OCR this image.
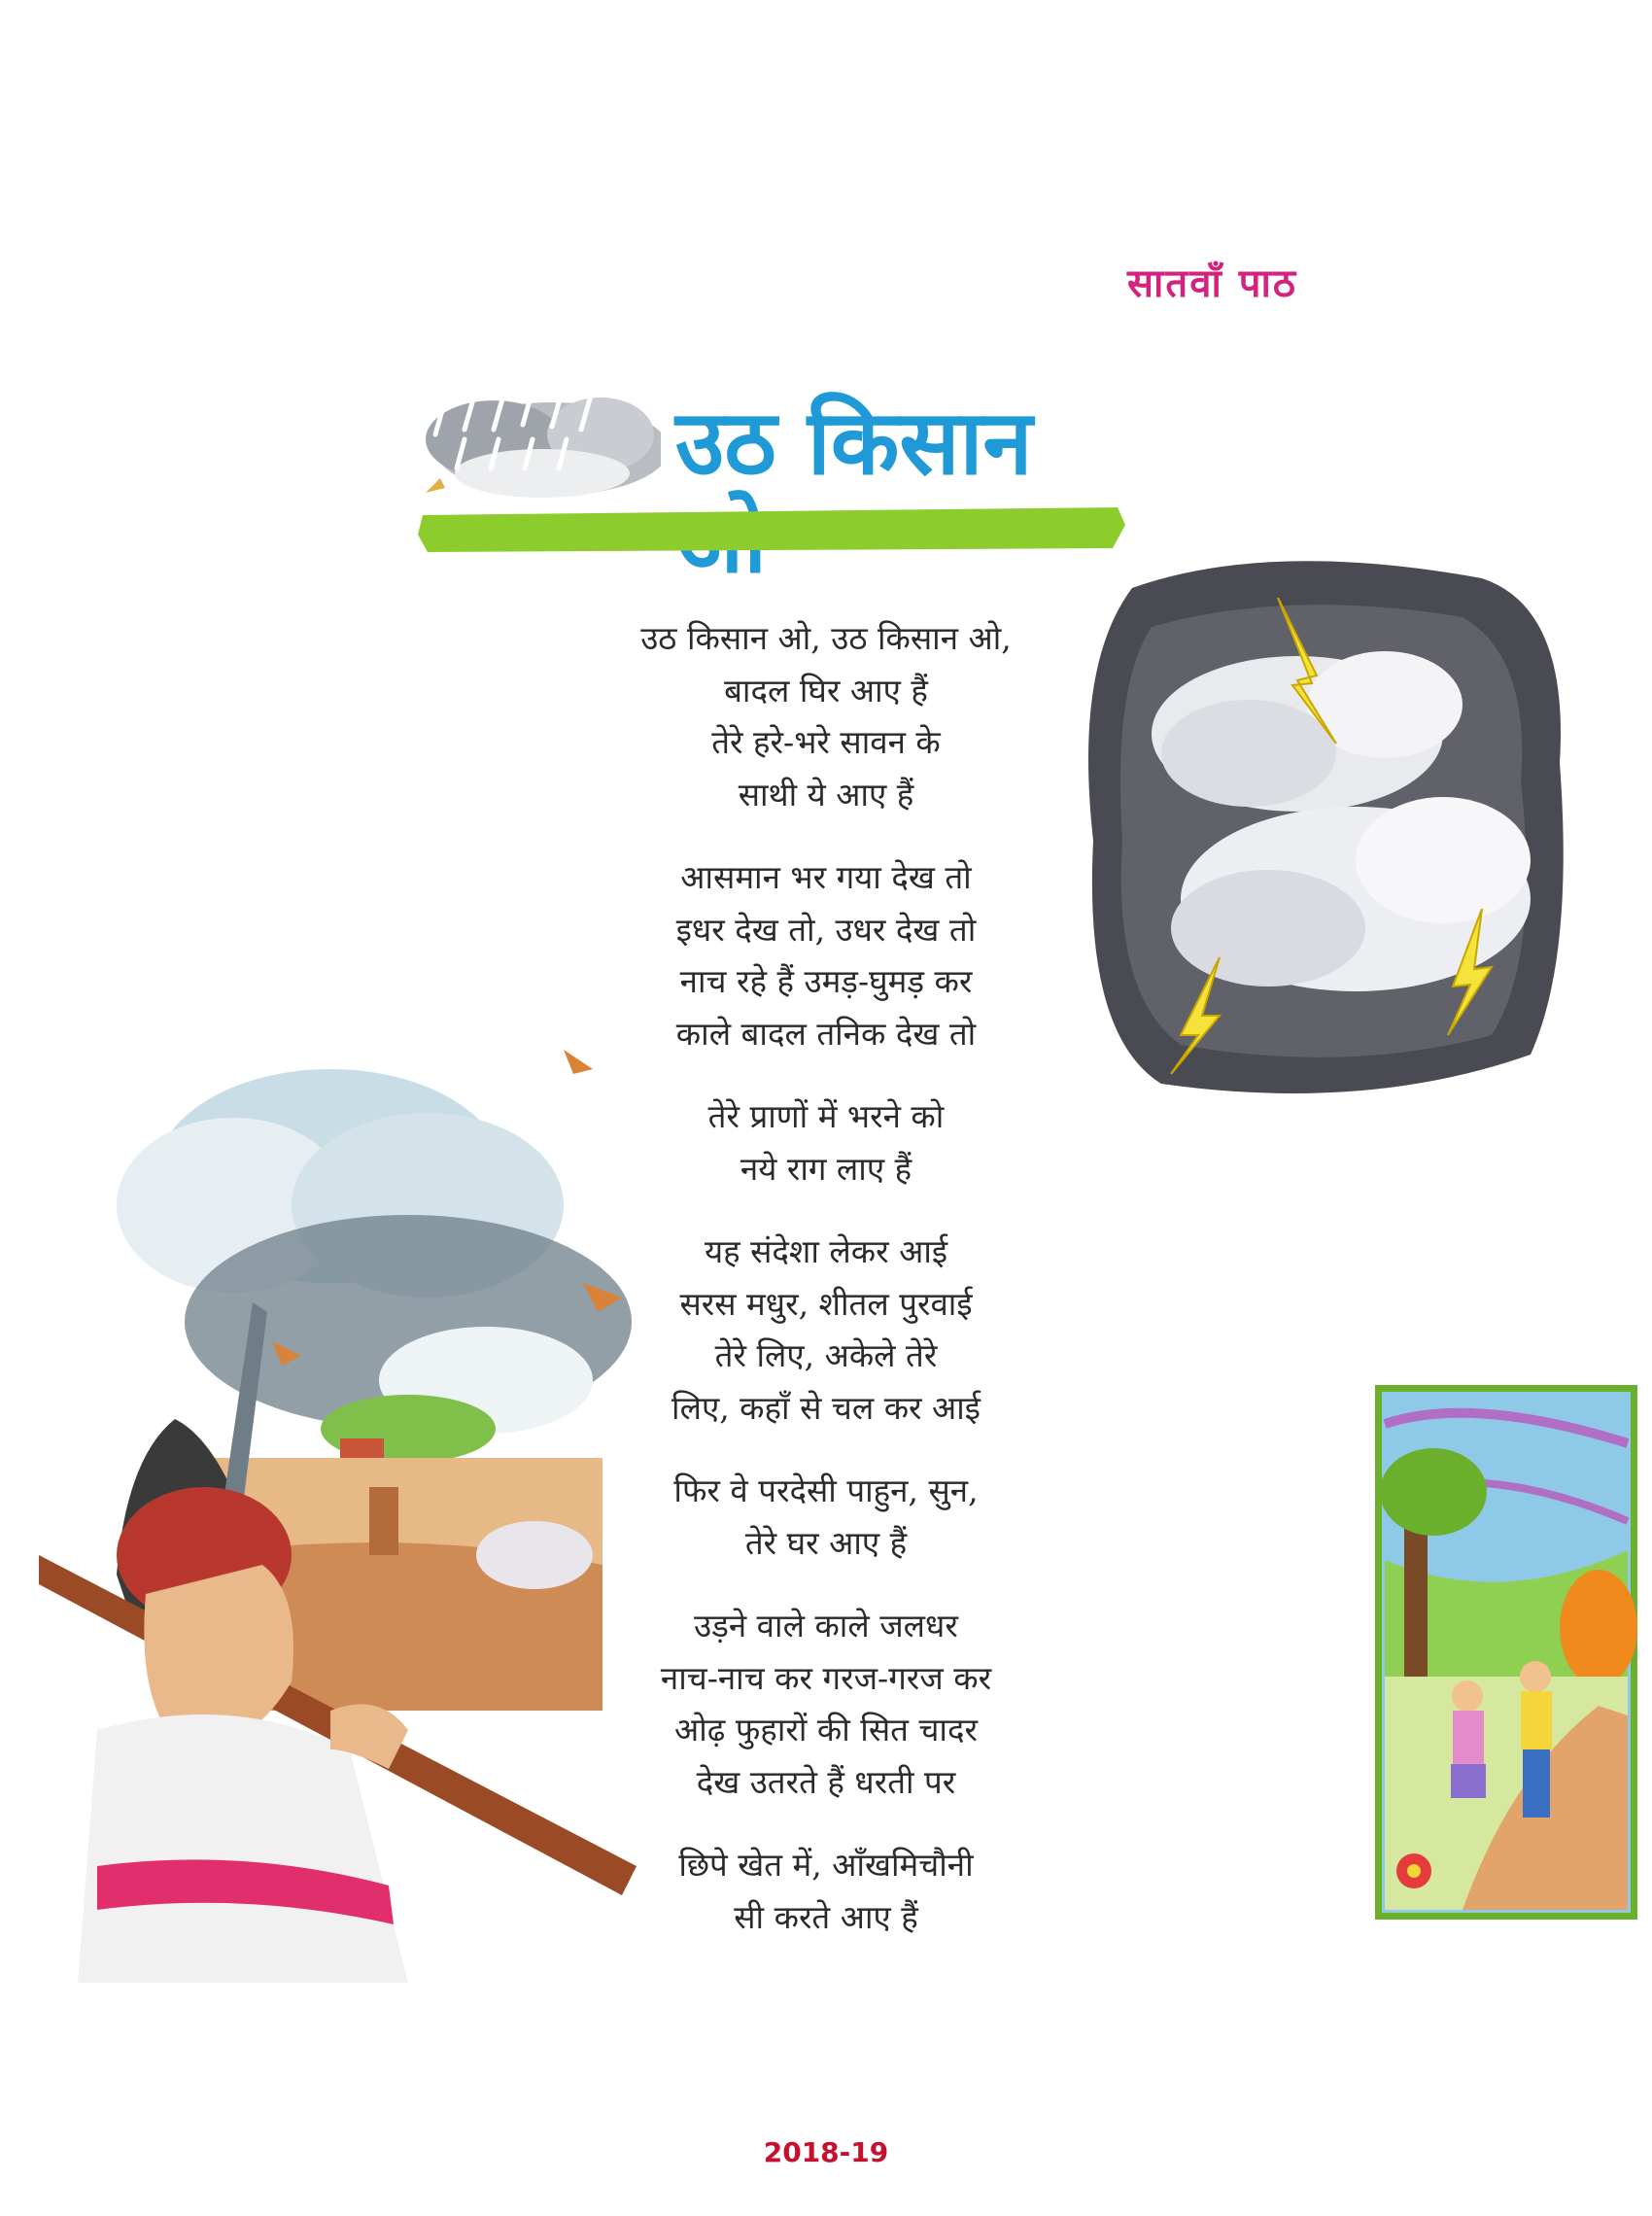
सातवाँ पाठ
उठ किसान
उठ किसान ओ, उठ किसान ओ,
बादल घिर आए हैं
तेरे हरे-भरे सावन के
साथी ये आए हैं
आसमान भर गया देख तो
इधर देख तो, उधर देख तो
नाच रहे हैं उमड़-घुमड़ कर
काले बादल तनिक देख तो
तेरे प्राणों में भरने को
नये राग लाए हैं
यह संदेशा लेकर आई
सरस मधुर, शीतल पुरवाई
तेरे लिए, अकेले तेरे
लिए, कहाँ से चल कर आई
फिर वे परदेसी पाहुन, सुन,
तेरे घर आए हैं
उड़ने वाले काले जलधर
नाच-नाच कर गरज-गरज कर
ओढ़ फुहारों की सित चादर
देख उतरते हैं धरती पर
छिपे खेत में, आँखमिचौनी
सी करते आए हैं
2018-19
